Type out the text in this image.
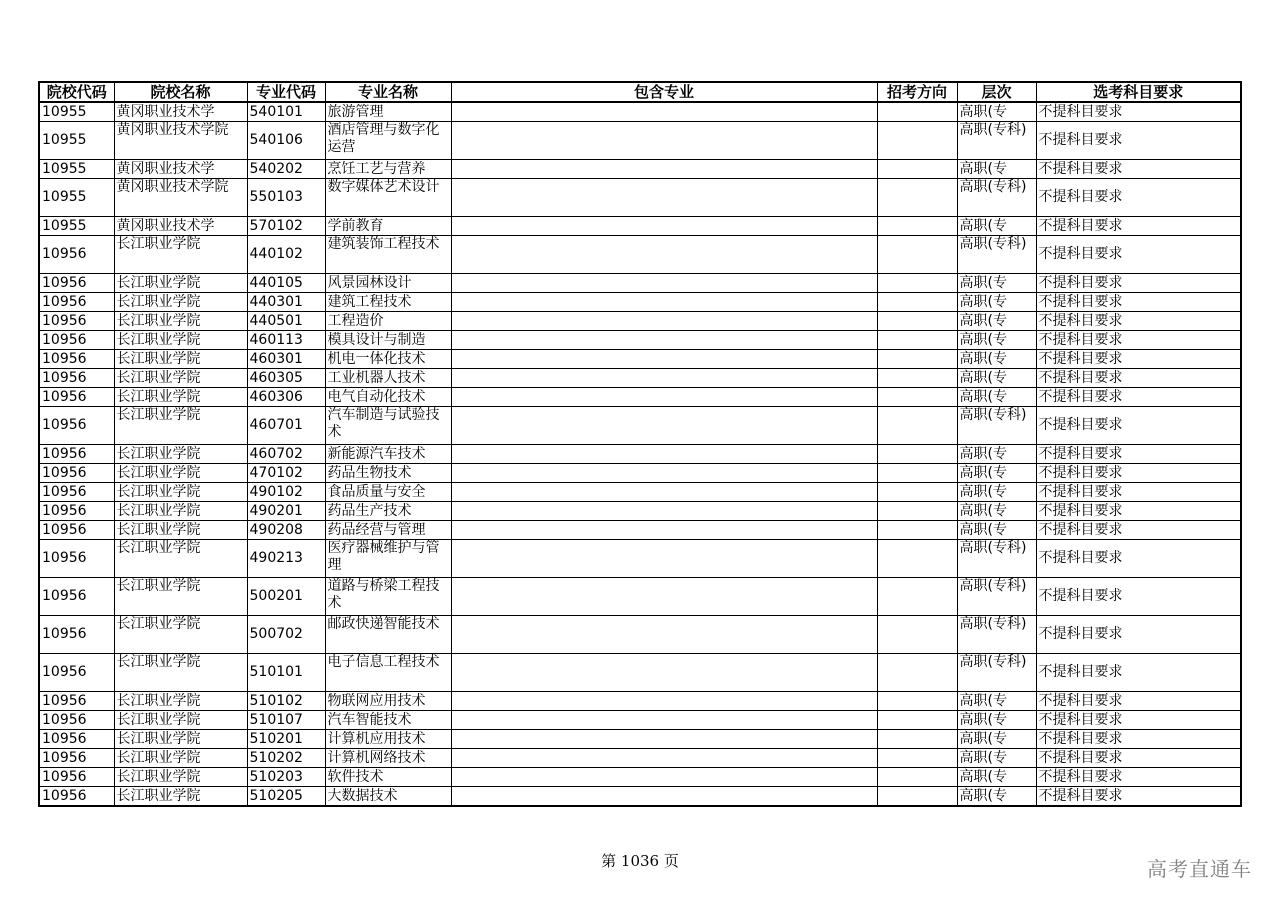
院校代码	院校名称	专业代码	专业名称	包含专业	招考方向	层次	选考科目要求
10955	黄冈职业技术学	540101	旅游管理			高职(专	不提科目要求
10955	黄冈职业技术学院	540106	酒店管理与数字化运营			高职(专科)	不提科目要求
10955	黄冈职业技术学	540202	烹饪工艺与营养			高职(专	不提科目要求
10955	黄冈职业技术学院	550103	数字媒体艺术设计			高职(专科)	不提科目要求
10955	黄冈职业技术学	570102	学前教育			高职(专	不提科目要求
10956	长江职业学院	440102	建筑装饰工程技术			高职(专科)	不提科目要求
10956	长江职业学院	440105	风景园林设计			高职(专	不提科目要求
10956	长江职业学院	440301	建筑工程技术			高职(专	不提科目要求
10956	长江职业学院	440501	工程造价			高职(专	不提科目要求
10956	长江职业学院	460113	模具设计与制造			高职(专	不提科目要求
10956	长江职业学院	460301	机电一体化技术			高职(专	不提科目要求
10956	长江职业学院	460305	工业机器人技术			高职(专	不提科目要求
10956	长江职业学院	460306	电气自动化技术			高职(专	不提科目要求
10956	长江职业学院	460701	汽车制造与试验技术			高职(专科)	不提科目要求
10956	长江职业学院	460702	新能源汽车技术			高职(专	不提科目要求
10956	长江职业学院	470102	药品生物技术			高职(专	不提科目要求
10956	长江职业学院	490102	食品质量与安全			高职(专	不提科目要求
10956	长江职业学院	490201	药品生产技术			高职(专	不提科目要求
10956	长江职业学院	490208	药品经营与管理			高职(专	不提科目要求
10956	长江职业学院	490213	医疗器械维护与管理			高职(专科)	不提科目要求
10956	长江职业学院	500201	道路与桥梁工程技术			高职(专科)	不提科目要求
10956	长江职业学院	500702	邮政快递智能技术			高职(专科)	不提科目要求
10956	长江职业学院	510101	电子信息工程技术			高职(专科)	不提科目要求
10956	长江职业学院	510102	物联网应用技术			高职(专	不提科目要求
10956	长江职业学院	510107	汽车智能技术			高职(专	不提科目要求
10956	长江职业学院	510201	计算机应用技术			高职(专	不提科目要求
10956	长江职业学院	510202	计算机网络技术			高职(专	不提科目要求
10956	长江职业学院	510203	软件技术			高职(专	不提科目要求
10956	长江职业学院	510205	大数据技术			高职(专	不提科目要求
第 1036 页	高考直通车
